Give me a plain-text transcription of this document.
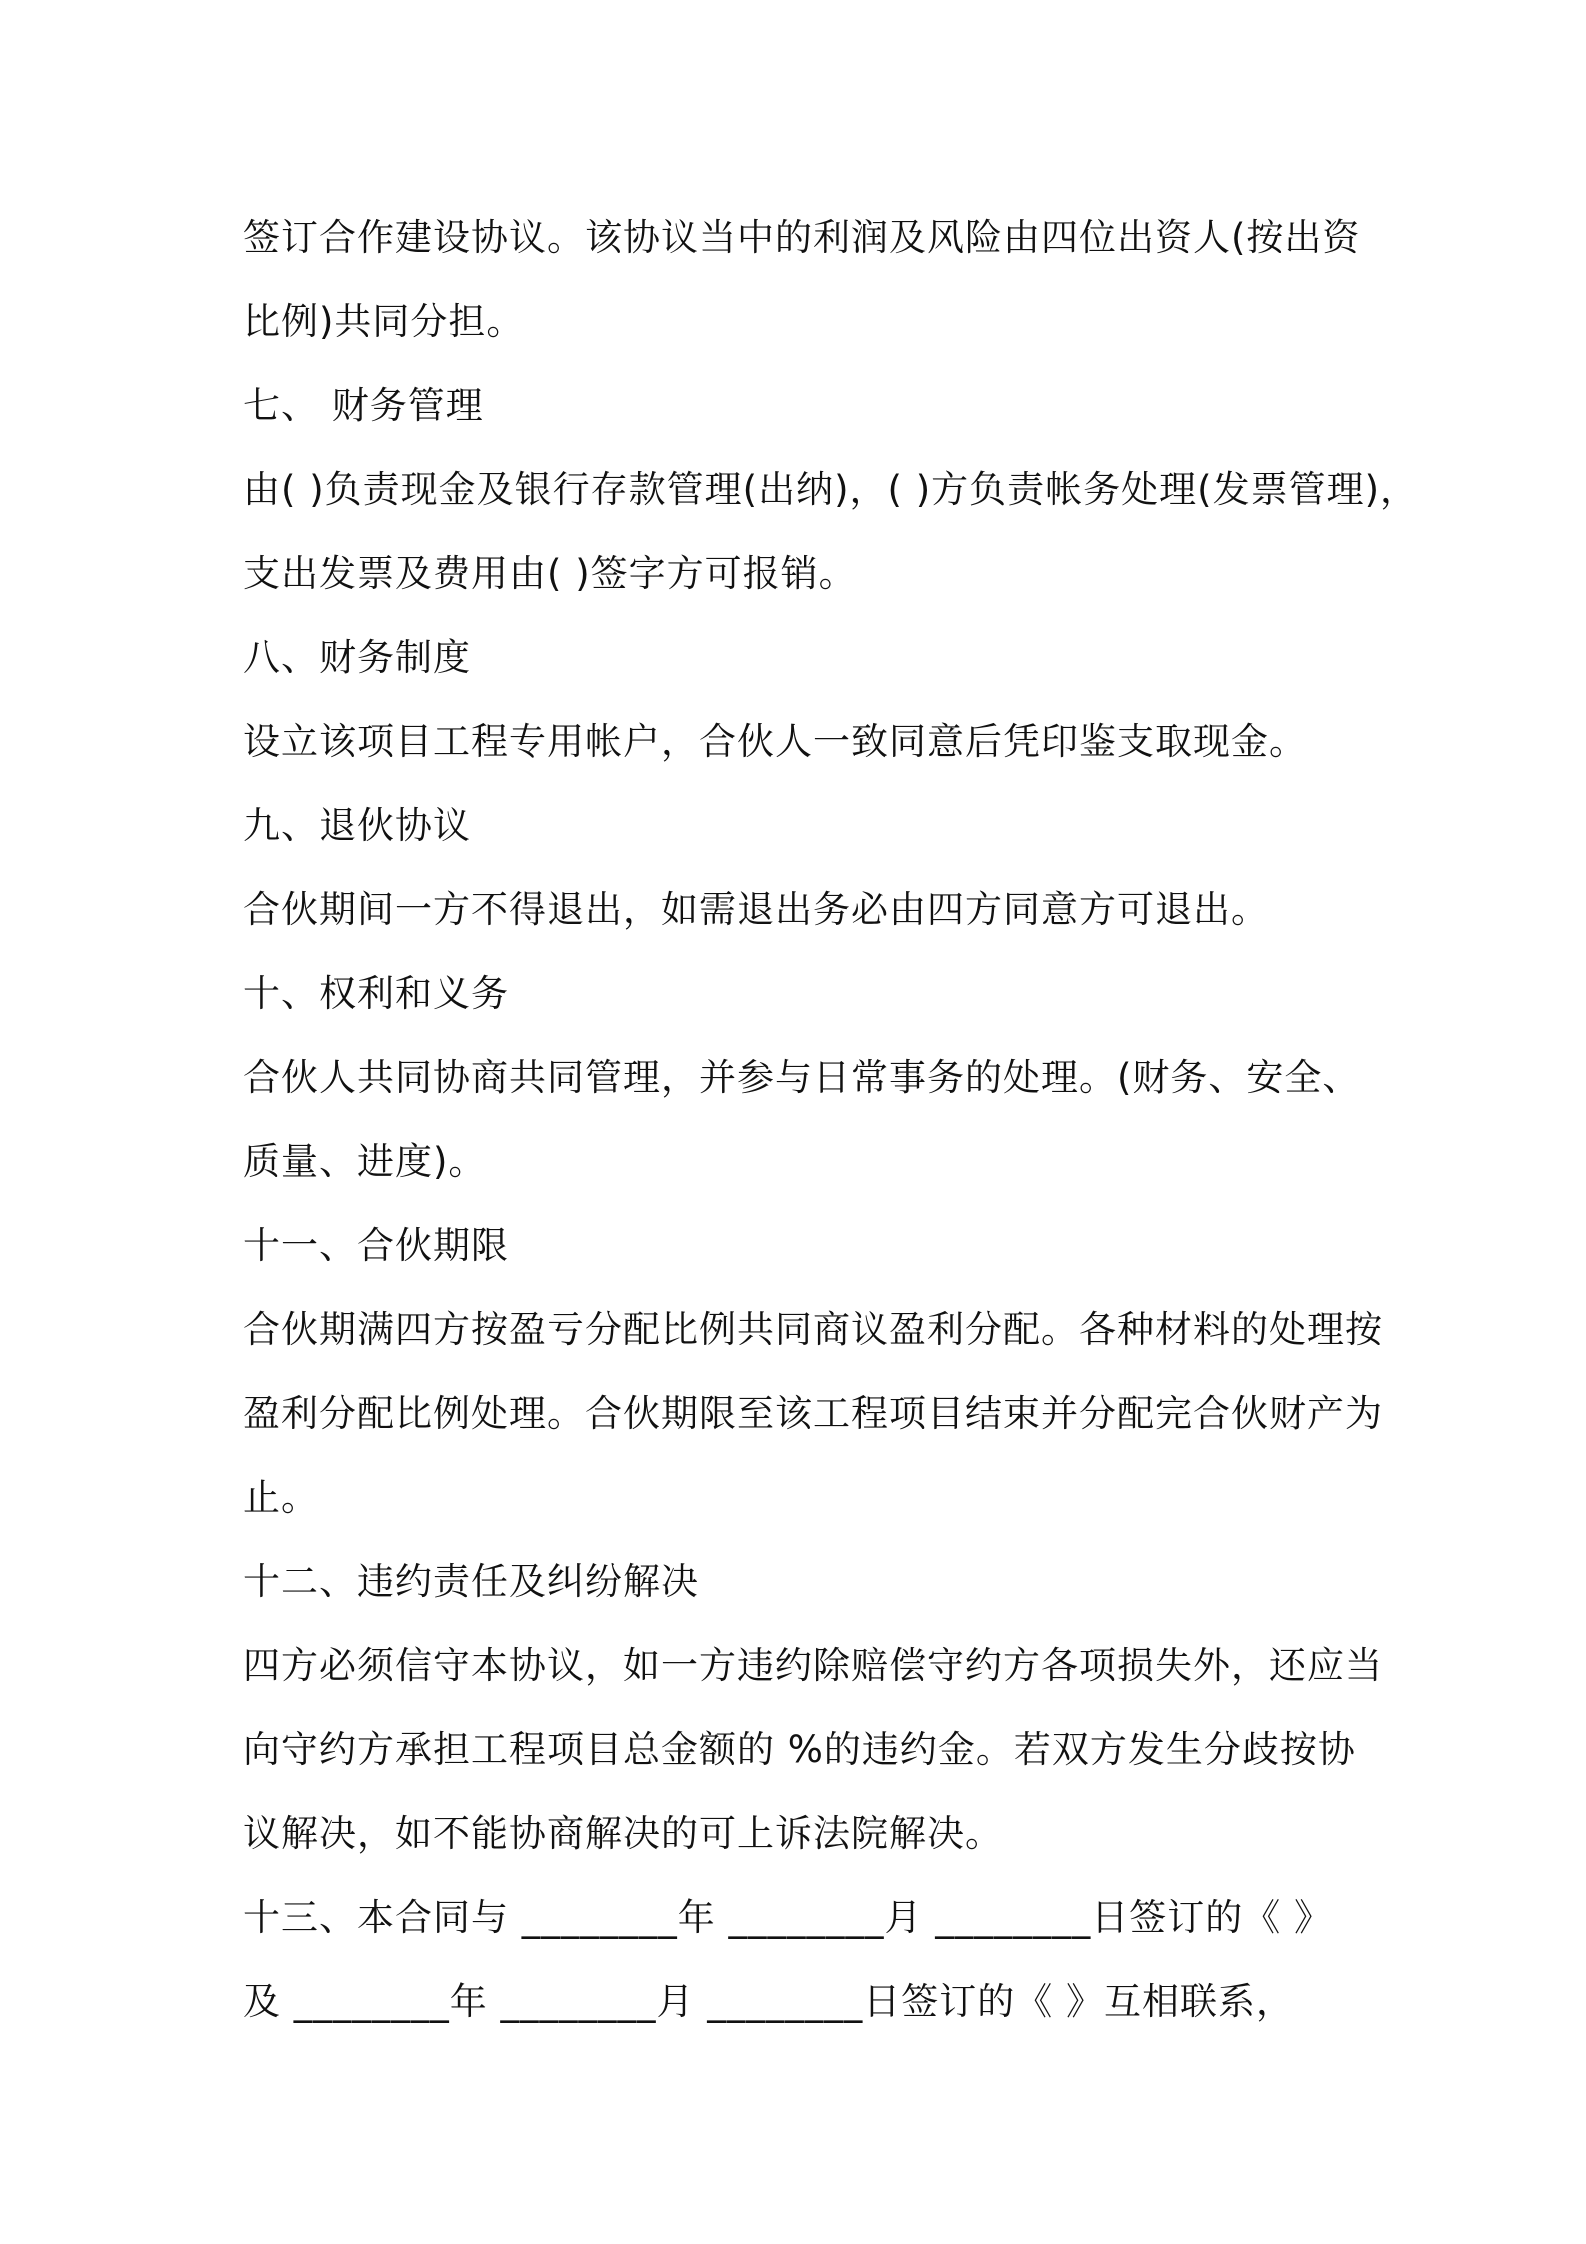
签订合作建设协议。该协议当中的利润及风险由四位出资人(按出资
比例)共同分担。
七、 财务管理
由( )负责现金及银行存款管理(出纳)，( )方负责帐务处理(发票管理)，
支出发票及费用由( )签字方可报销。
八、财务制度
设立该项目工程专用帐户，合伙人一致同意后凭印鉴支取现金。
九、退伙协议
合伙期间一方不得退出，如需退出务必由四方同意方可退出。
十、权利和义务
合伙人共同协商共同管理，并参与日常事务的处理。(财务、安全、
质量、进度)。
十一、合伙期限
合伙期满四方按盈亏分配比例共同商议盈利分配。各种材料的处理按
盈利分配比例处理。合伙期限至该工程项目结束并分配完合伙财产为
止。
十二、违约责任及纠纷解决
四方必须信守本协议，如一方违约除赔偿守约方各项损失外，还应当
向守约方承担工程项目总金额的 %的违约金。若双方发生分歧按协
议解决，如不能协商解决的可上诉法院解决。
十三、本合同与 ________年 ________月 ________日签订的《 》
及 ________年 ________月 ________日签订的《 》互相联系，
